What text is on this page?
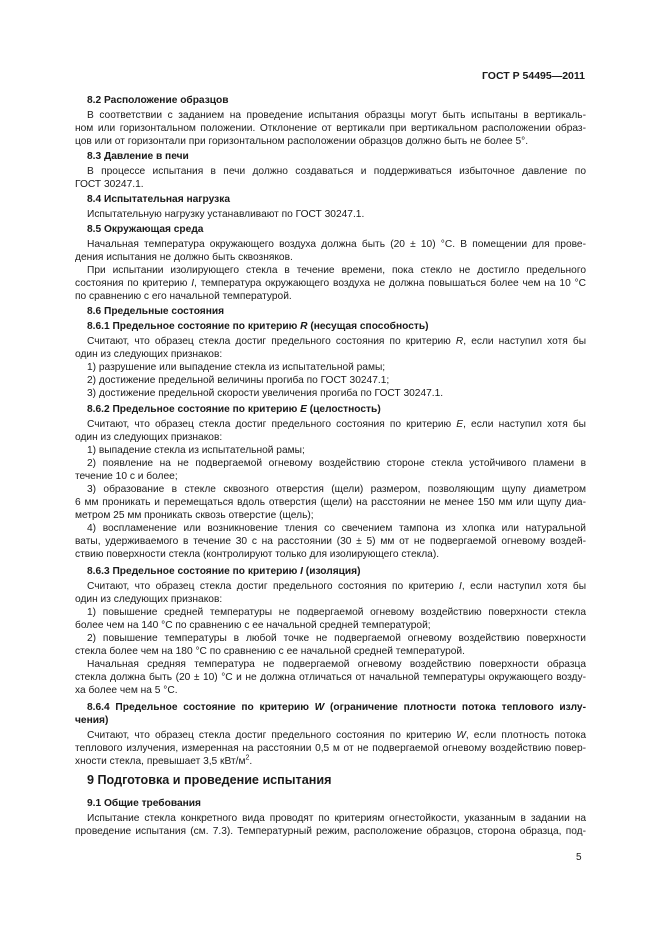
ГОСТ Р 54495—2011
8.2 Расположение образцов
В соответствии с заданием на проведение испытания образцы могут быть испытаны в вертикаль-
ном или горизонтальном положении. Отклонение от вертикали при вертикальном расположении образ-
цов или от горизонтали при горизонтальном расположении образцов должно быть не более 5°.
8.3 Давление в печи
В процессе испытания в печи должно создаваться и поддерживаться избыточное давление по
ГОСТ 30247.1.
8.4 Испытательная нагрузка
Испытательную нагрузку устанавливают по ГОСТ 30247.1.
8.5 Окружающая среда
Начальная температура окружающего воздуха должна быть (20 ± 10) °С. В помещении для прове-
дения испытания не должно быть сквозняков.
При испытании изолирующего стекла в течение времени, пока стекло не достигло предельного
состояния по критерию I, температура окружающего воздуха не должна повышаться более чем на 10 °С
по сравнению с его начальной температурой.
8.6 Предельные состояния
8.6.1 Предельное состояние по критерию R (несущая способность)
Считают, что образец стекла достиг предельного состояния по критерию R, если наступил хотя бы
один из следующих признаков:
1) разрушение или выпадение стекла из испытательной рамы;
2) достижение предельной величины прогиба по ГОСТ 30247.1;
3) достижение предельной скорости увеличения прогиба по ГОСТ 30247.1.
8.6.2 Предельное состояние по критерию E (целостность)
Считают, что образец стекла достиг предельного состояния по критерию E, если наступил хотя бы
один из следующих признаков:
1) выпадение стекла из испытательной рамы;
2) появление на не подвергаемой огневому воздействию стороне стекла устойчивого пламени в
течение 10 с и более;
3) образование в стекле сквозного отверстия (щели) размером, позволяющим щупу диаметром
6 мм проникать и перемещаться вдоль отверстия (щели) на расстоянии не менее 150 мм или щупу диа-
метром 25 мм проникать сквозь отверстие (щель);
4) воспламенение или возникновение тления со свечением тампона из хлопка или натуральной
ваты, удерживаемого в течение 30 с на расстоянии (30 ± 5) мм от не подвергаемой огневому воздей-
ствию поверхности стекла (контролируют только для изолирующего стекла).
8.6.3 Предельное состояние по критерию I (изоляция)
Считают, что образец стекла достиг предельного состояния по критерию I, если наступил хотя бы
один из следующих признаков:
1) повышение средней температуры не подвергаемой огневому воздействию поверхности стекла
более чем на 140 °С по сравнению с ее начальной средней температурой;
2) повышение температуры в любой точке не подвергаемой огневому воздействию поверхности
стекла более чем на 180 °С по сравнению с ее начальной средней температурой.
Начальная средняя температура не подвергаемой огневому воздействию поверхности образца
стекла должна быть (20 ± 10) °С и не должна отличаться от начальной температуры окружающего возду-
ха более чем на 5 °С.
8.6.4 Предельное состояние по критерию W (ограничение плотности потока теплового излу-
чения)
Считают, что образец стекла достиг предельного состояния по критерию W, если плотность потока
теплового излучения, измеренная на расстоянии 0,5 м от не подвергаемой огневому воздействию повер-
хности стекла, превышает 3,5 кВт/$м^2$.
9 Подготовка и проведение испытания
9.1 Общие требования
Испытание стекла конкретного вида проводят по критериям огнестойкости, указанным в задании на
проведение испытания (см. 7.3). Температурный режим, расположение образцов, сторона образца, под-
5
